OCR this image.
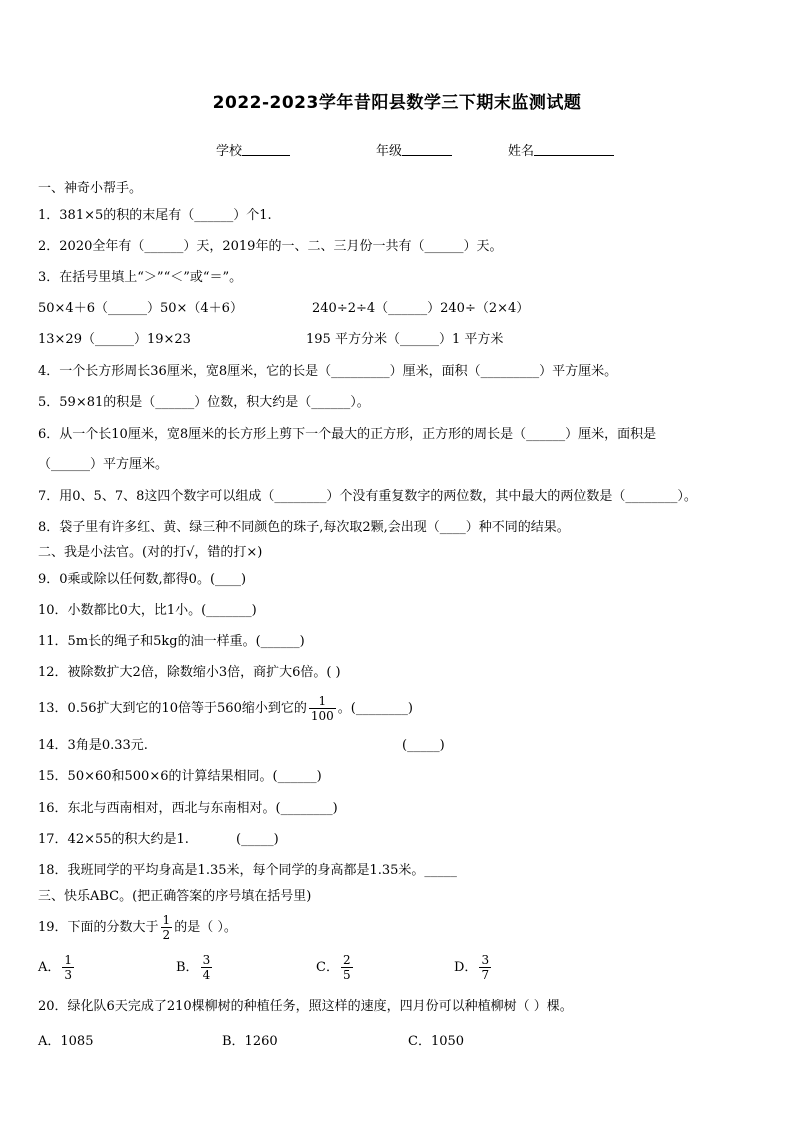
2022-2023学年昔阳县数学三下期末监测试题
学校	年级	姓名
一、神奇小帮手。
1．381×5的积的末尾有（______）个1.
2．2020全年有（______）天，2019年的一、二、三月份一共有（______）天。
3．在括号里填上“＞”“＜”或“＝”。
50×4＋6（______）50×（4＋6）	240÷2÷4（______）240÷（2×4）
13×29（______）19×23	195 平方分米（______）1 平方米
4．一个长方形周长36厘米，宽8厘米，它的长是（_________）厘米，面积（_________）平方厘米。
5．59×81的积是（______）位数，积大约是（______）。
6．从一个长10厘米，宽8厘米的长方形上剪下一个最大的正方形，正方形的周长是（______）厘米，面积是
（______）平方厘米。
7．用0、5、7、8这四个数字可以组成（________）个没有重复数字的两位数，其中最大的两位数是（________）。
8．袋子里有许多红、黄、绿三种不同颜色的珠子,每次取2颗,会出现（____）种不同的结果。
二、我是小法官。(对的打√，错的打×)
9．0乘或除以任何数,都得0。(____)
10．小数都比0大，比1小。(_______)
11．5m长的绳子和5kg的油一样重。(______)
12．被除数扩大2倍，除数缩小3倍，商扩大6倍。( )
13．0.56扩大到它的10倍等于560缩小到它的 $\frac{1}{100}$ 。(________)
14．3角是0.33元.	(_____)
15．50×60和500×6的计算结果相同。(______)
16．东北与西南相对，西北与东南相对。(________)
17．42×55的积大约是1.	(_____)
18．我班同学的平均身高是1.35米，每个同学的身高都是1.35米。_____
三、快乐ABC。(把正确答案的序号填在括号里)
19．下面的分数大于 $\frac{1}{2}$ 的是（ ）。
A． $\frac{1}{3}$	B． $\frac{3}{4}$	C． $\frac{2}{5}$	D． $\frac{3}{7}$
20．绿化队6天完成了210棵柳树的种植任务，照这样的速度，四月份可以种植柳树（ ）棵。
A．1085	B．1260	C．1050
